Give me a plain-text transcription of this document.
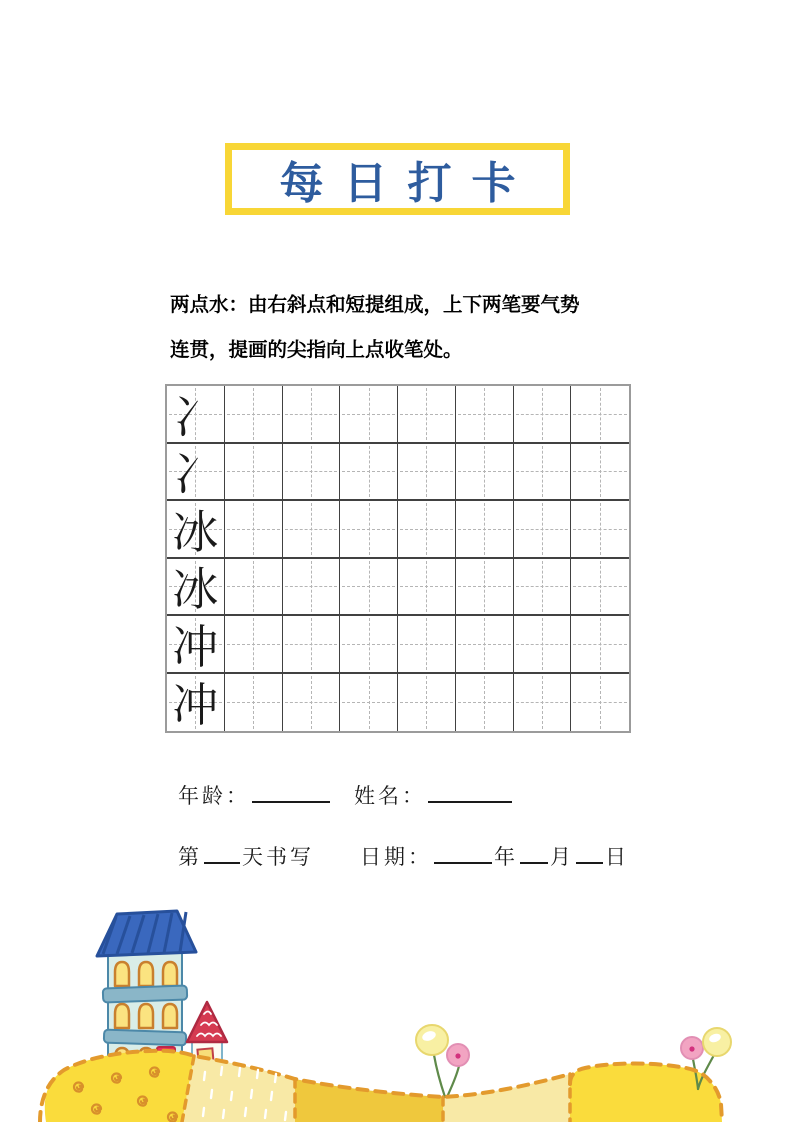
每日打卡
两点水：由右斜点和短提组成，上下两笔要气势
连贯，提画的尖指向上点收笔处。
冫
冫
冰
冰
冲
冲
年龄：	姓名：
第 天书写 日期：	年 月 日
